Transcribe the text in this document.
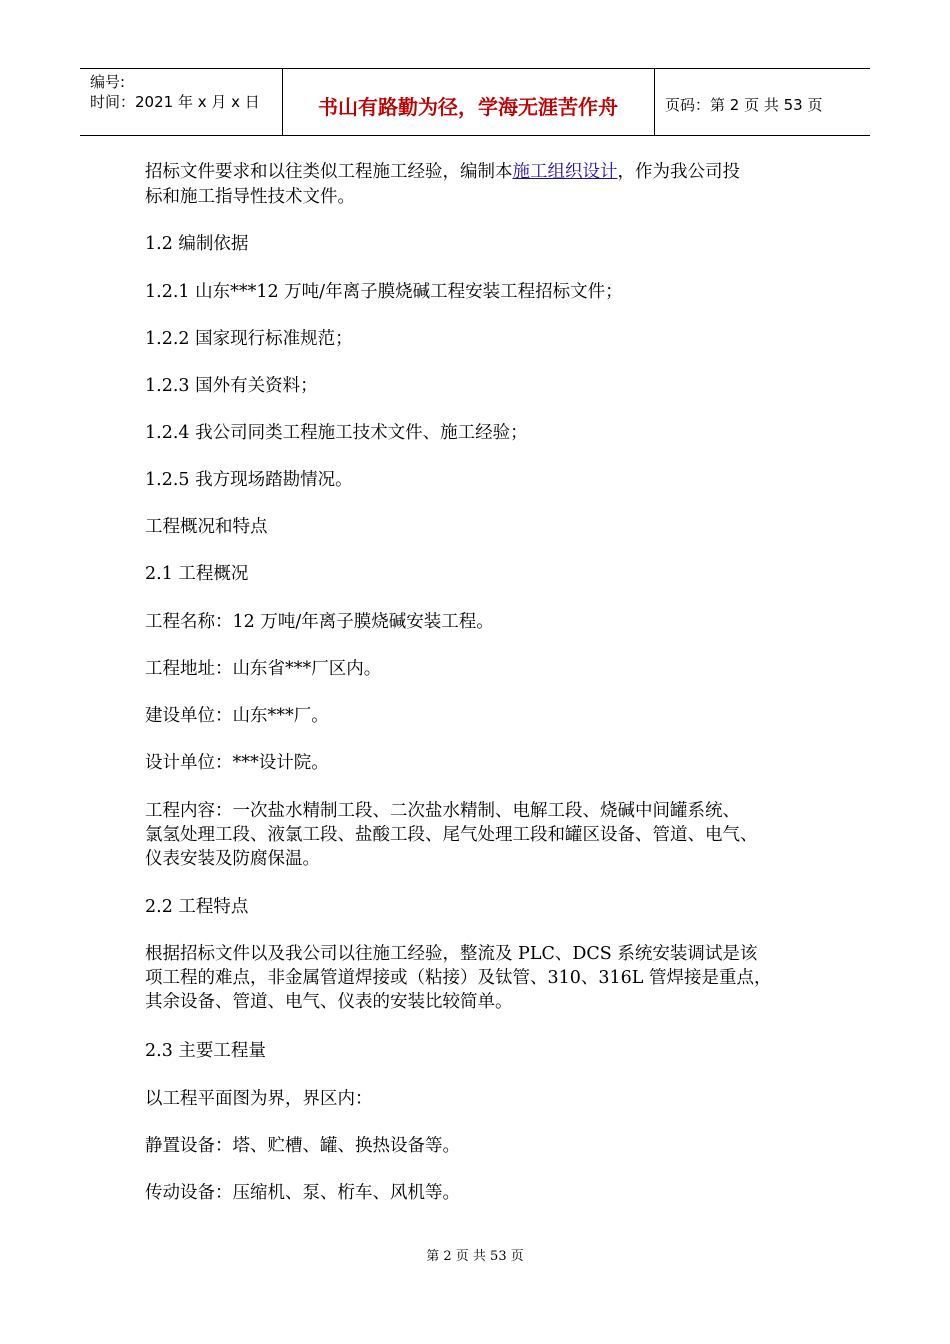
编号:
时间：2021 年 x 月 x 日	书山有路勤为径，学海无涯苦作舟	页码：第 2 页 共 53 页
招标文件要求和以往类似工程施工经验，编制本施工组织设计，作为我公司投
标和施工指导性技术文件。
1.2 编制依据
1.2.1 山东***12 万吨/年离子膜烧碱工程安装工程招标文件；
1.2.2 国家现行标准规范；
1.2.3 国外有关资料；
1.2.4 我公司同类工程施工技术文件、施工经验；
1.2.5 我方现场踏勘情况。
工程概况和特点
2.1 工程概况
工程名称：12 万吨/年离子膜烧碱安装工程。
工程地址：山东省***厂区内。
建设单位：山东***厂。
设计单位：***设计院。
工程内容：一次盐水精制工段、二次盐水精制、电解工段、烧碱中间罐系统、
氯氢处理工段、液氯工段、盐酸工段、尾气处理工段和罐区设备、管道、电气、
仪表安装及防腐保温。
2.2 工程特点
根据招标文件以及我公司以往施工经验，整流及 PLC、DCS 系统安装调试是该
项工程的难点，非金属管道焊接或（粘接）及钛管、310、316L 管焊接是重点，
其余设备、管道、电气、仪表的安装比较简单。
2.3 主要工程量
以工程平面图为界，界区内：
静置设备：塔、贮槽、罐、换热设备等。
传动设备：压缩机、泵、桁车、风机等。
第 2 页 共 53 页
